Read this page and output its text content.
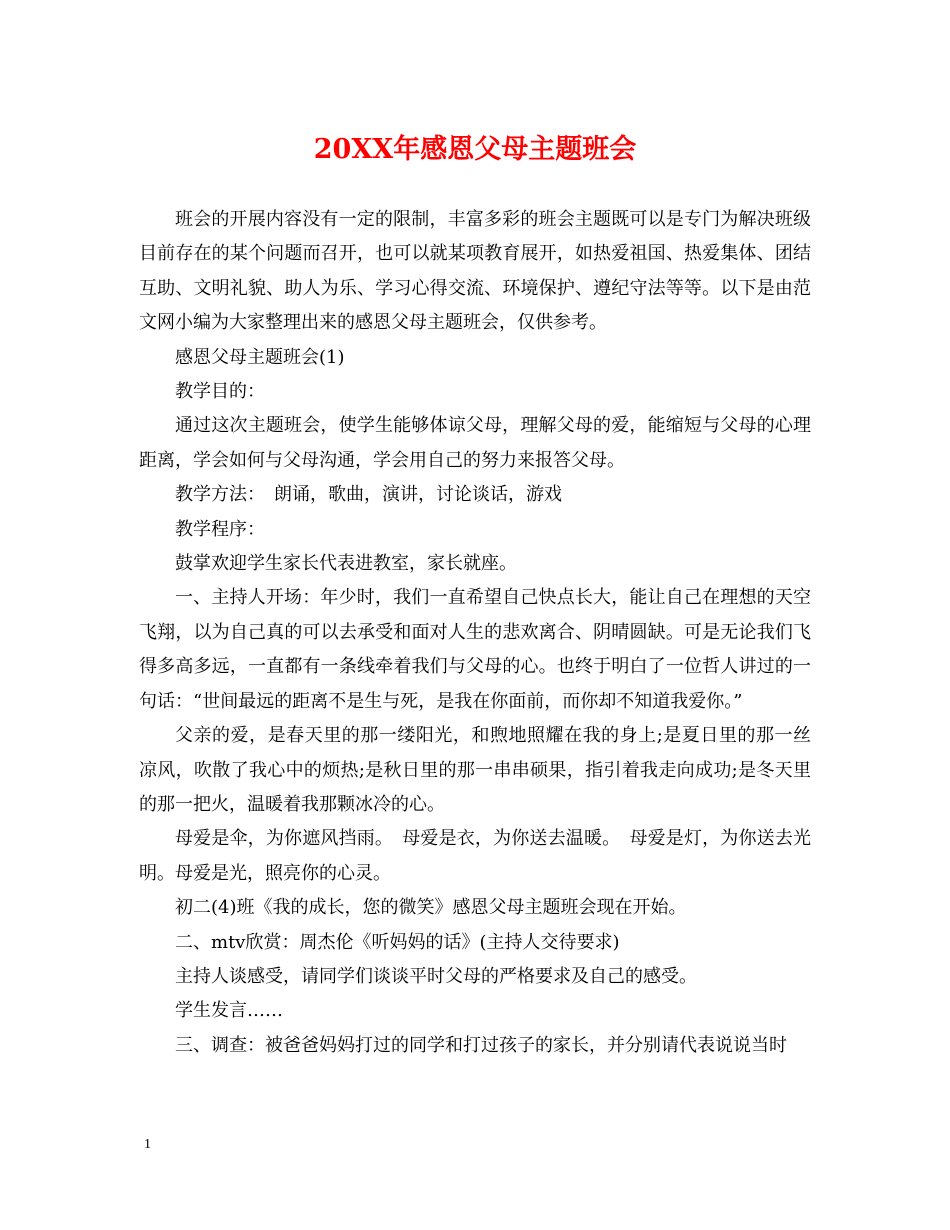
20XX年感恩父母主题班会

班会的开展内容没有一定的限制，丰富多彩的班会主题既可以是专门为解决班级目前存在的某个问题而召开，也可以就某项教育展开，如热爱祖国、热爱集体、团结互助、文明礼貌、助人为乐、学习心得交流、环境保护、遵纪守法等等。以下是由范文网小编为大家整理出来的感恩父母主题班会，仅供参考。

感恩父母主题班会(1)

教学目的：

通过这次主题班会，使学生能够体谅父母，理解父母的爱，能缩短与父母的心理距离，学会如何与父母沟通，学会用自己的努力来报答父母。

教学方法：　朗诵，歌曲，演讲，讨论谈话，游戏

教学程序：

鼓掌欢迎学生家长代表进教室，家长就座。

一、主持人开场：年少时，我们一直希望自己快点长大，能让自己在理想的天空飞翔，以为自己真的可以去承受和面对人生的悲欢离合、阴晴圆缺。可是无论我们飞得多高多远，一直都有一条线牵着我们与父母的心。也终于明白了一位哲人讲过的一句话：“世间最远的距离不是生与死，是我在你面前，而你却不知道我爱你。”

父亲的爱，是春天里的那一缕阳光，和煦地照耀在我的身上;是夏日里的那一丝凉风，吹散了我心中的烦热;是秋日里的那一串串硕果，指引着我走向成功;是冬天里的那一把火，温暖着我那颗冰冷的心。

母爱是伞，为你遮风挡雨。　母爱是衣，为你送去温暖。　母爱是灯，为你送去光明。母爱是光，照亮你的心灵。

初二(4)班《我的成长，您的微笑》感恩父母主题班会现在开始。

二、mtv欣赏：周杰伦《听妈妈的话》(主持人交待要求)

主持人谈感受，请同学们谈谈平时父母的严格要求及自己的感受。

学生发言……

三、调查：被爸爸妈妈打过的同学和打过孩子的家长，并分别请代表说说当时

1
